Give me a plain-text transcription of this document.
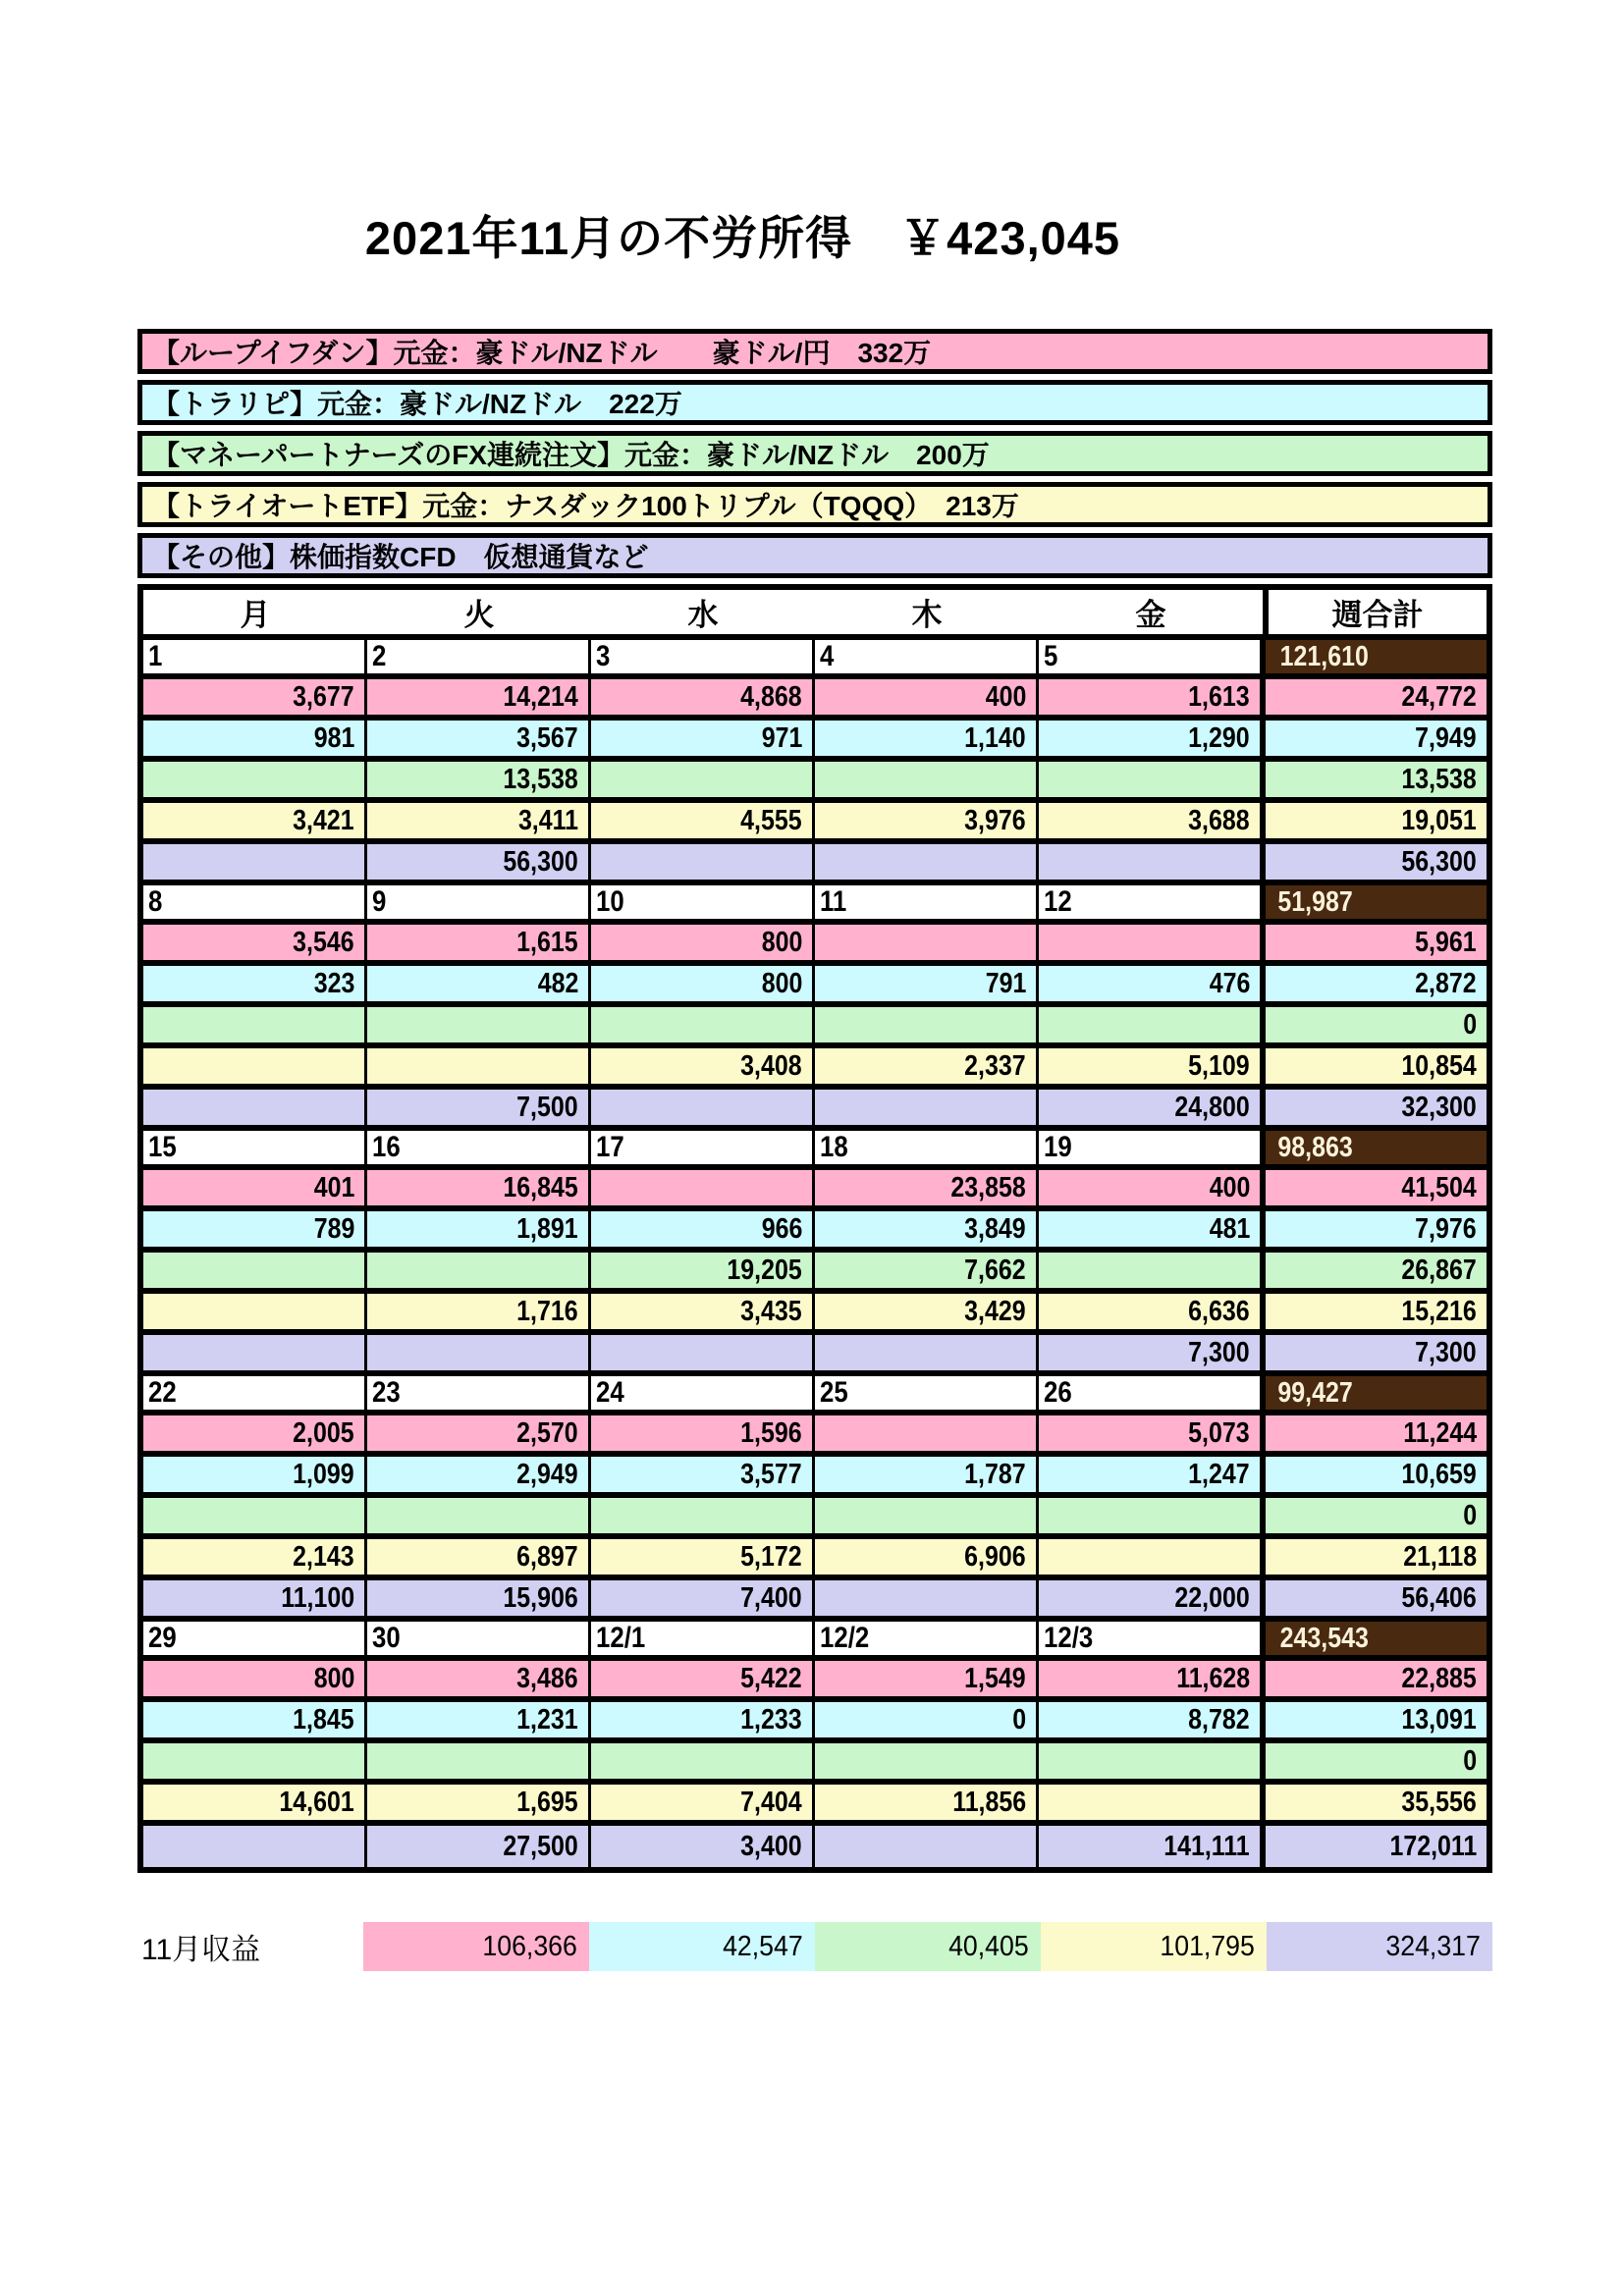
2021年11月の不労所得　￥423,045
【ループイフダン】元金：豪ドル/NZドル　　豪ドル/円　332万
【トラリピ】元金：豪ドル/NZドル　222万
【マネーパートナーズのFX連続注文】元金：豪ドル/NZドル　200万
【トライオートETF】元金：ナスダック100トリプル（TQQQ）　213万
【その他】株価指数CFD　仮想通貨など
月	火	水	木	金	週合計
1	2	3	4	5	121,610
3,677	14,214	4,868	400	1,613	24,772
981	3,567	971	1,140	1,290	7,949
	13,538				13,538
3,421	3,411	4,555	3,976	3,688	19,051
	56,300				56,300
8	9	10	11	12	51,987
3,546	1,615	800			5,961
323	482	800	791	476	2,872
					0
		3,408	2,337	5,109	10,854
	7,500			24,800	32,300
15	16	17	18	19	98,863
401	16,845		23,858	400	41,504
789	1,891	966	3,849	481	7,976
		19,205	7,662		26,867
	1,716	3,435	3,429	6,636	15,216
				7,300	7,300
22	23	24	25	26	99,427
2,005	2,570	1,596		5,073	11,244
1,099	2,949	3,577	1,787	1,247	10,659
					0
2,143	6,897	5,172	6,906		21,118
11,100	15,906	7,400		22,000	56,406
29	30	12/1	12/2	12/3	243,543
800	3,486	5,422	1,549	11,628	22,885
1,845	1,231	1,233	0	8,782	13,091
					0
14,601	1,695	7,404	11,856		35,556
	27,500	3,400		141,111	172,011
11月収益	106,366	42,547	40,405	101,795	324,317
